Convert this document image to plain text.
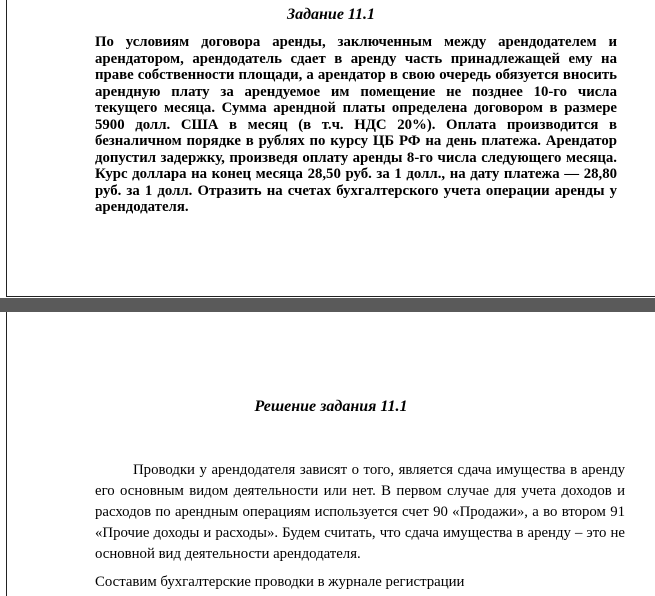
Задание 11.1
По условиям договора аренды, заключенным между арендодателем и арендатором, арендодатель сдает в аренду часть принадлежащей ему на праве собственности площади, а арендатор в свою очередь обязуется вносить арендную плату за арендуемое им помещение не позднее 10-го числа текущего месяца. Сумма арендной платы определена договором в размере 5900 долл. США в месяц (в т.ч. НДС 20%). Оплата производится в безналичном порядке в рублях по курсу ЦБ РФ на день платежа. Арендатор допустил задержку, произведя оплату аренды 8-го числа следующего месяца. Курс доллара на конец месяца 28,50 руб. за 1 долл., на дату платежа — 28,80 руб. за 1 долл. Отразить на счетах бухгалтерского учета операции аренды у арендодателя.
Решение задания 11.1

Проводки у арендодателя зависят о того, является сдача имущества в аренду его основным видом деятельности или нет. В первом случае для учета доходов и расходов по арендным операциям используется счет 90 «Продажи», а во втором 91 «Прочие доходы и расходы». Будем считать, что сдача имущества в аренду – это не основной вид деятельности арендодателя.

Составим бухгалтерские проводки в журнале регистрации
